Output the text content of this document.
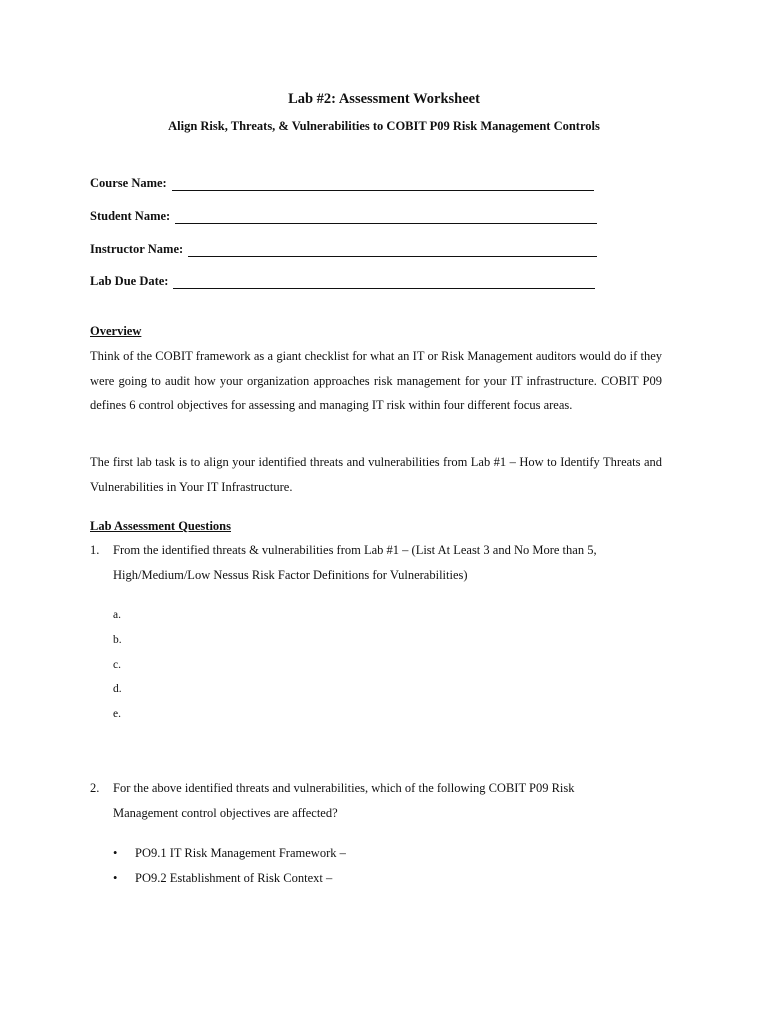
Lab #2: Assessment Worksheet
Align Risk, Threats, & Vulnerabilities to COBIT P09 Risk Management Controls
Course Name:
Student Name:
Instructor Name:
Lab Due Date:
Overview
Think of the COBIT framework as a giant checklist for what an IT or Risk Management auditors would do if they were going to audit how your organization approaches risk management for your IT infrastructure. COBIT P09 defines 6 control objectives for assessing and managing IT risk within four different focus areas.
The first lab task is to align your identified threats and vulnerabilities from Lab #1 – How to Identify Threats and Vulnerabilities in Your IT Infrastructure.
Lab Assessment Questions
1. From the identified threats & vulnerabilities from Lab #1 – (List At Least 3 and No More than 5, High/Medium/Low Nessus Risk Factor Definitions for Vulnerabilities)
a.
b.
c.
d.
e.
2. For the above identified threats and vulnerabilities, which of the following COBIT P09 Risk Management control objectives are affected?
•	PO9.1 IT Risk Management Framework –
•	PO9.2 Establishment of Risk Context –
